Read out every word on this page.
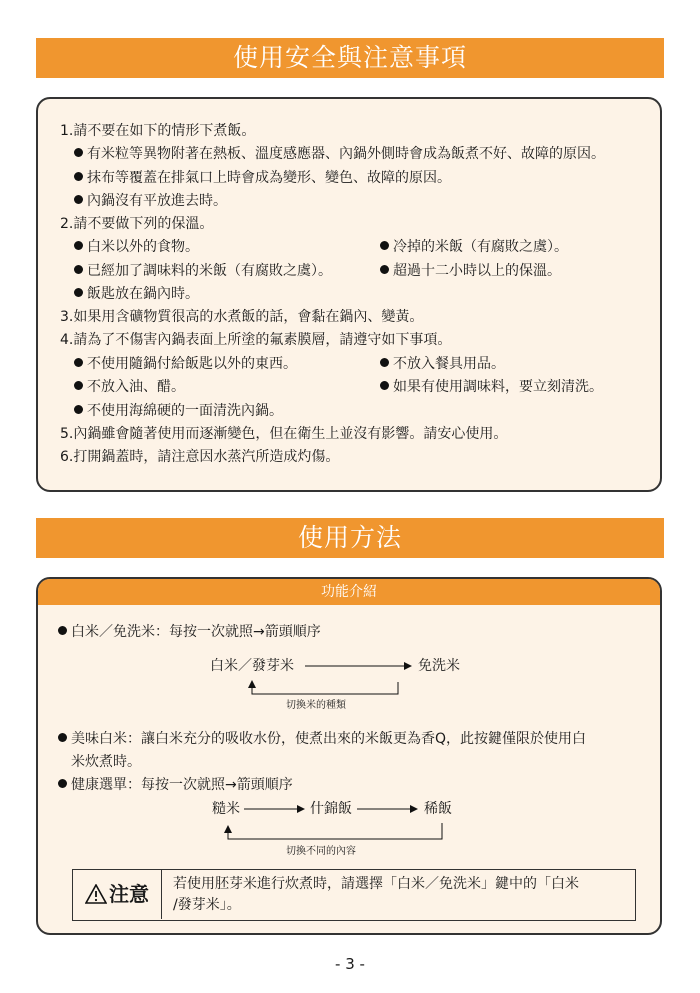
使用安全與注意事項
1.請不要在如下的情形下煮飯。
有米粒等異物附著在熱板、溫度感應器、內鍋外側時會成為飯煮不好、故障的原因。
抹布等覆蓋在排氣口上時會成為變形、變色、故障的原因。
內鍋沒有平放進去時。
2.請不要做下列的保溫。
白米以外的食物。	冷掉的米飯（有腐敗之虞）。
已經加了調味料的米飯（有腐敗之虞）。	超過十二小時以上的保溫。
飯匙放在鍋內時。
3.如果用含礦物質很高的水煮飯的話，會黏在鍋內、變黃。
4.請為了不傷害內鍋表面上所塗的氟素膜層，請遵守如下事項。
不使用隨鍋付給飯匙以外的東西。	不放入餐具用品。
不放入油、醋。	如果有使用調味料，要立刻清洗。
不使用海綿硬的一面清洗內鍋。
5.內鍋雖會隨著使用而逐漸變色，但在衛生上並沒有影響。請安心使用。
6.打開鍋蓋時，請注意因水蒸汽所造成灼傷。
使用方法
功能介紹
白米／免洗米：每按一次就照→箭頭順序
白米／發芽米	免洗米
切換米的種類
美味白米：讓白米充分的吸收水份，使煮出來的米飯更為香Q，此按鍵僅限於使用白
米炊煮時。
健康選單：每按一次就照→箭頭順序
糙米	什錦飯	稀飯
切換不同的內容
注意	若使用胚芽米進行炊煮時，請選擇「白米／免洗米」鍵中的「白米
/發芽米」。
- 3 -
